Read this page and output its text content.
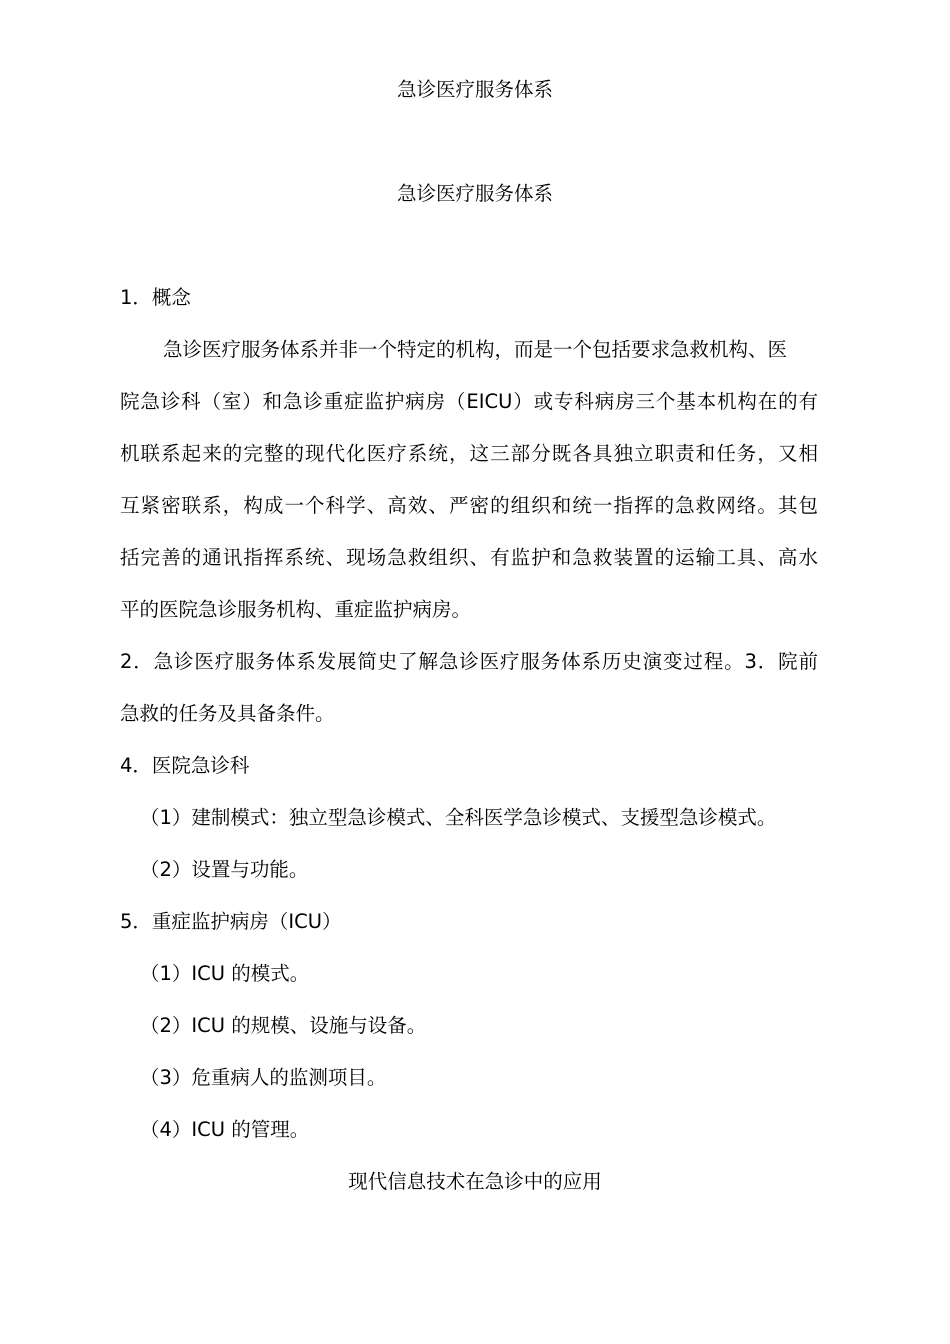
急诊医疗服务体系
急诊医疗服务体系
1．概念
急诊医疗服务体系并非一个特定的机构，而是一个包括要求急救机构、医
院急诊科（室）和急诊重症监护病房（EICU）或专科病房三个基本机构在的有
机联系起来的完整的现代化医疗系统，这三部分既各具独立职责和任务，又相
互紧密联系，构成一个科学、高效、严密的组织和统一指挥的急救网络。其包
括完善的通讯指挥系统、现场急救组织、有监护和急救装置的运输工具、高水
平的医院急诊服务机构、重症监护病房。
2．急诊医疗服务体系发展简史了解急诊医疗服务体系历史演变过程。3．院前
急救的任务及具备条件。
4．医院急诊科
（1）建制模式：独立型急诊模式、全科医学急诊模式、支援型急诊模式。
（2）设置与功能。
5．重症监护病房（ICU）
（1）ICU 的模式。
（2）ICU 的规模、设施与设备。
（3）危重病人的监测项目。
（4）ICU 的管理。
现代信息技术在急诊中的应用
